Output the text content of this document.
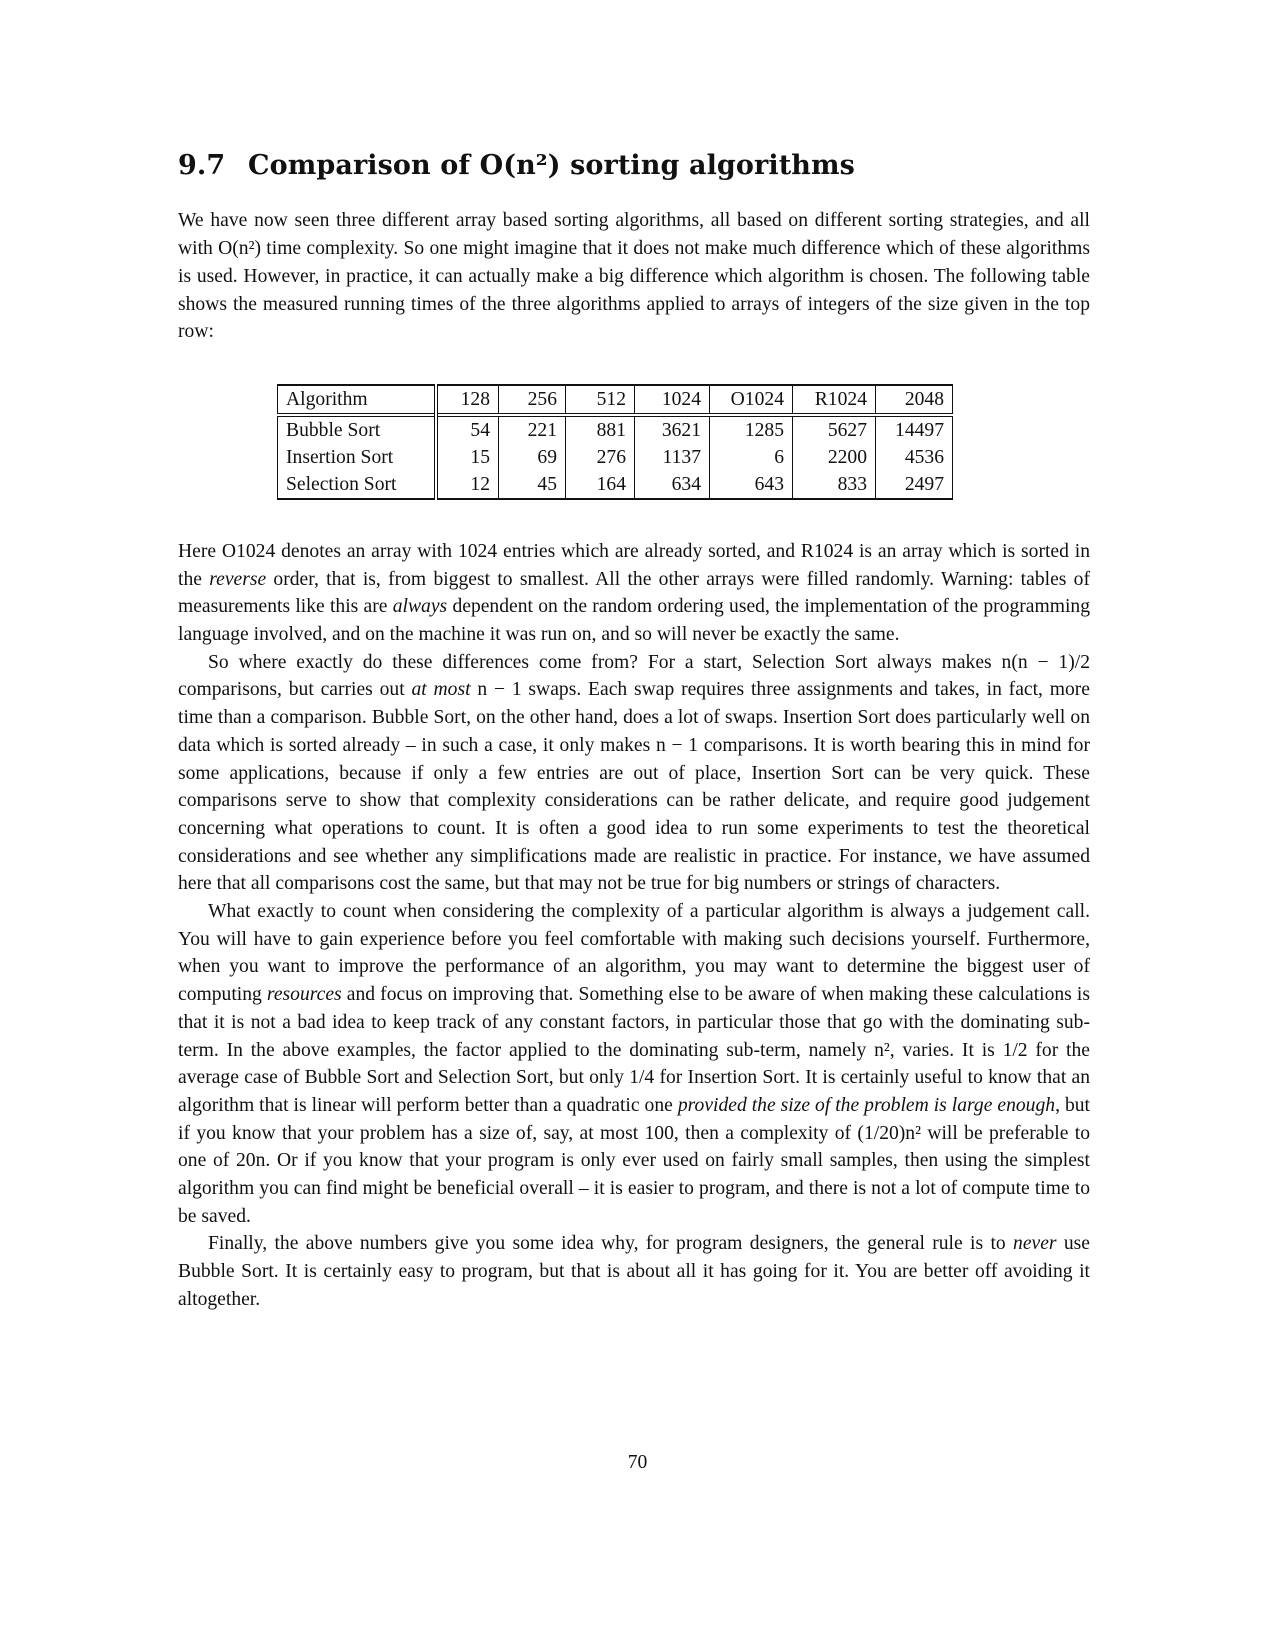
9.7 Comparison of O(n²) sorting algorithms

We have now seen three different array based sorting algorithms, all based on different sorting strategies, and all with O(n²) time complexity. So one might imagine that it does not make much difference which of these algorithms is used. However, in practice, it can actually make a big difference which algorithm is chosen. The following table shows the measured running times of the three algorithms applied to arrays of integers of the size given in the top row:

Algorithm	128	256	512	1024	O1024	R1024	2048
Bubble Sort	54	221	881	3621	1285	5627	14497
Insertion Sort	15	69	276	1137	6	2200	4536
Selection Sort	12	45	164	634	643	833	2497

Here O1024 denotes an array with 1024 entries which are already sorted, and R1024 is an array which is sorted in the reverse order, that is, from biggest to smallest. All the other arrays were filled randomly. Warning: tables of measurements like this are always dependent on the random ordering used, the implementation of the programming language involved, and on the machine it was run on, and so will never be exactly the same.

So where exactly do these differences come from? For a start, Selection Sort always makes n(n − 1)/2 comparisons, but carries out at most n − 1 swaps. Each swap requires three assignments and takes, in fact, more time than a comparison. Bubble Sort, on the other hand, does a lot of swaps. Insertion Sort does particularly well on data which is sorted already – in such a case, it only makes n − 1 comparisons. It is worth bearing this in mind for some applications, because if only a few entries are out of place, Insertion Sort can be very quick. These comparisons serve to show that complexity considerations can be rather delicate, and require good judgement concerning what operations to count. It is often a good idea to run some experiments to test the theoretical considerations and see whether any simplifications made are realistic in practice. For instance, we have assumed here that all comparisons cost the same, but that may not be true for big numbers or strings of characters.

What exactly to count when considering the complexity of a particular algorithm is always a judgement call. You will have to gain experience before you feel comfortable with making such decisions yourself. Furthermore, when you want to improve the performance of an algorithm, you may want to determine the biggest user of computing resources and focus on improving that. Something else to be aware of when making these calculations is that it is not a bad idea to keep track of any constant factors, in particular those that go with the dominating sub-term. In the above examples, the factor applied to the dominating sub-term, namely n², varies. It is 1/2 for the average case of Bubble Sort and Selection Sort, but only 1/4 for Insertion Sort. It is certainly useful to know that an algorithm that is linear will perform better than a quadratic one provided the size of the problem is large enough, but if you know that your problem has a size of, say, at most 100, then a complexity of (1/20)n² will be preferable to one of 20n. Or if you know that your program is only ever used on fairly small samples, then using the simplest algorithm you can find might be beneficial overall – it is easier to program, and there is not a lot of compute time to be saved.

Finally, the above numbers give you some idea why, for program designers, the general rule is to never use Bubble Sort. It is certainly easy to program, but that is about all it has going for it. You are better off avoiding it altogether.

70
